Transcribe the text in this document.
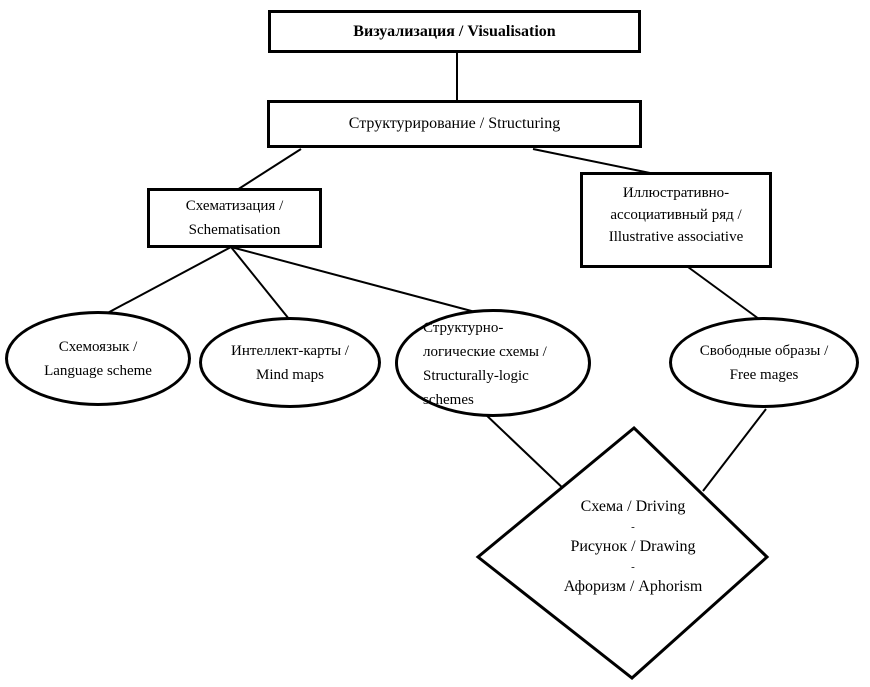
Визуализация / Visualisation
Структурирование / Structuring
Схематизация /
Schematisation
Иллюстративно-
ассоциативный ряд /
Illustrative associative
Схемоязык /
Language scheme
Интеллект-карты /
Mind maps
Структурно-
логические схемы /
Structurally-logic
schemes
Свободные образы /
Free mages
Схема / Driving
-
Рисунок / Drawing
-
Афоризм / Aphorism
